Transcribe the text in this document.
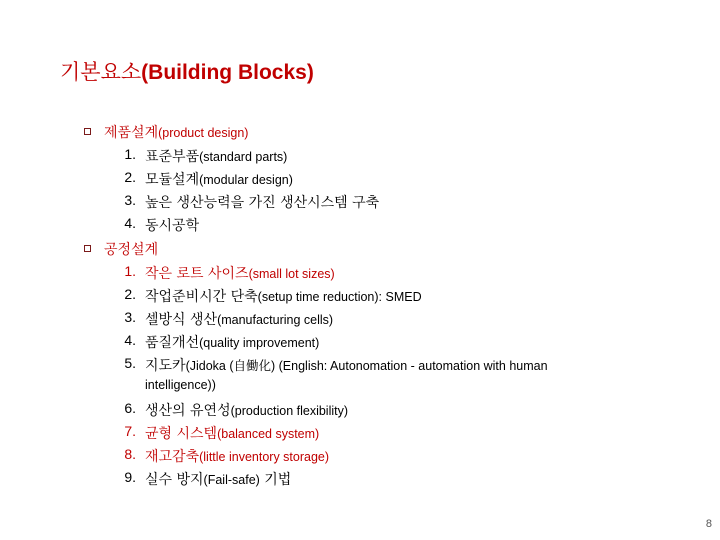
기본요소(Building Blocks)
제품설계(product design)
1. 표준부품(standard parts)
2. 모듈설계(modular design)
3. 높은 생산능력을 가진 생산시스템 구축
4. 동시공학
공정설계
1. 작은 로트 사이즈(small lot sizes)
2. 작업준비시간 단축(setup time reduction): SMED
3. 셀방식 생산(manufacturing cells)
4. 품질개선(quality improvement)
5. 지도카(Jidoka (自働化) (English: Autonomation - automation with human
intelligence))
6. 생산의 유연성(production flexibility)
7. 균형 시스템(balanced system)
8. 재고감축(little inventory storage)
9. 실수 방지(Fail-safe) 기법
8
